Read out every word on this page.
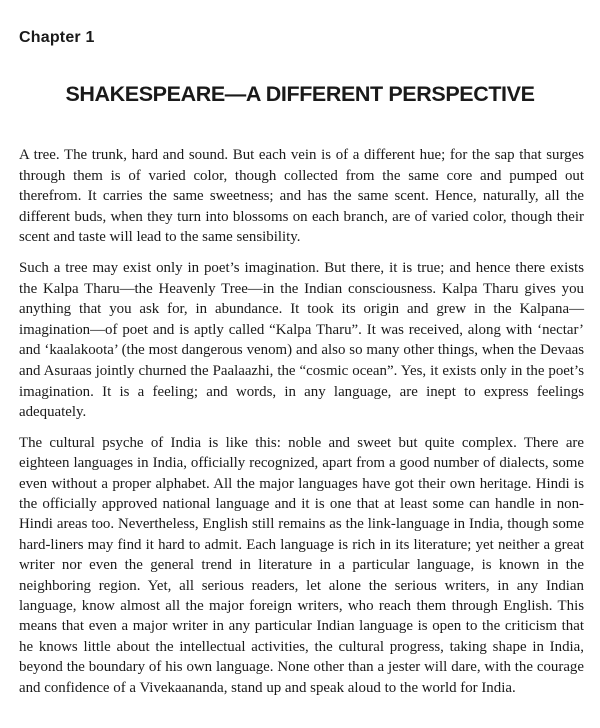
Chapter 1
SHAKESPEARE—A DIFFERENT PERSPECTIVE

A tree. The trunk, hard and sound. But each vein is of a different hue; for the sap that surges through them is of varied color, though collected from the same core and pumped out therefrom. It carries the same sweetness; and has the same scent. Hence, naturally, all the different buds, when they turn into blossoms on each branch, are of varied color, though their scent and taste will lead to the same sensibility.

Such a tree may exist only in poet’s imagination. But there, it is true; and hence there exists the Kalpa Tharu—the Heavenly Tree—in the Indian consciousness. Kalpa Tharu gives you anything that you ask for, in abundance. It took its origin and grew in the Kalpana—imagination—of poet and is aptly called “Kalpa Tharu”. It was received, along with ‘nectar’ and ‘kaalakoota’ (the most dangerous venom) and also so many other things, when the Devaas and Asuraas jointly churned the Paalaazhi, the “cosmic ocean”. Yes, it exists only in the poet’s imagination. It is a feeling; and words, in any language, are inept to express feelings adequately.

The cultural psyche of India is like this: noble and sweet but quite complex. There are eighteen languages in India, officially recognized, apart from a good number of dialects, some even without a proper alphabet. All the major languages have got their own heritage. Hindi is the officially approved national language and it is one that at least some can handle in non-Hindi areas too. Nevertheless, English still remains as the link-language in India, though some hard-liners may find it hard to admit. Each language is rich in its literature; yet neither a great writer nor even the general trend in literature in a particular language, is known in the neighboring region. Yet, all serious readers, let alone the serious writers, in any Indian language, know almost all the major foreign writers, who reach them through English. This means that even a major writer in any particular Indian language is open to the criticism that he knows little about the intellectual activities, the cultural progress, taking shape in India, beyond the boundary of his own language. None other than a jester will dare, with the courage and confidence of a Vivekaananda, stand up and speak aloud to the world for India.
